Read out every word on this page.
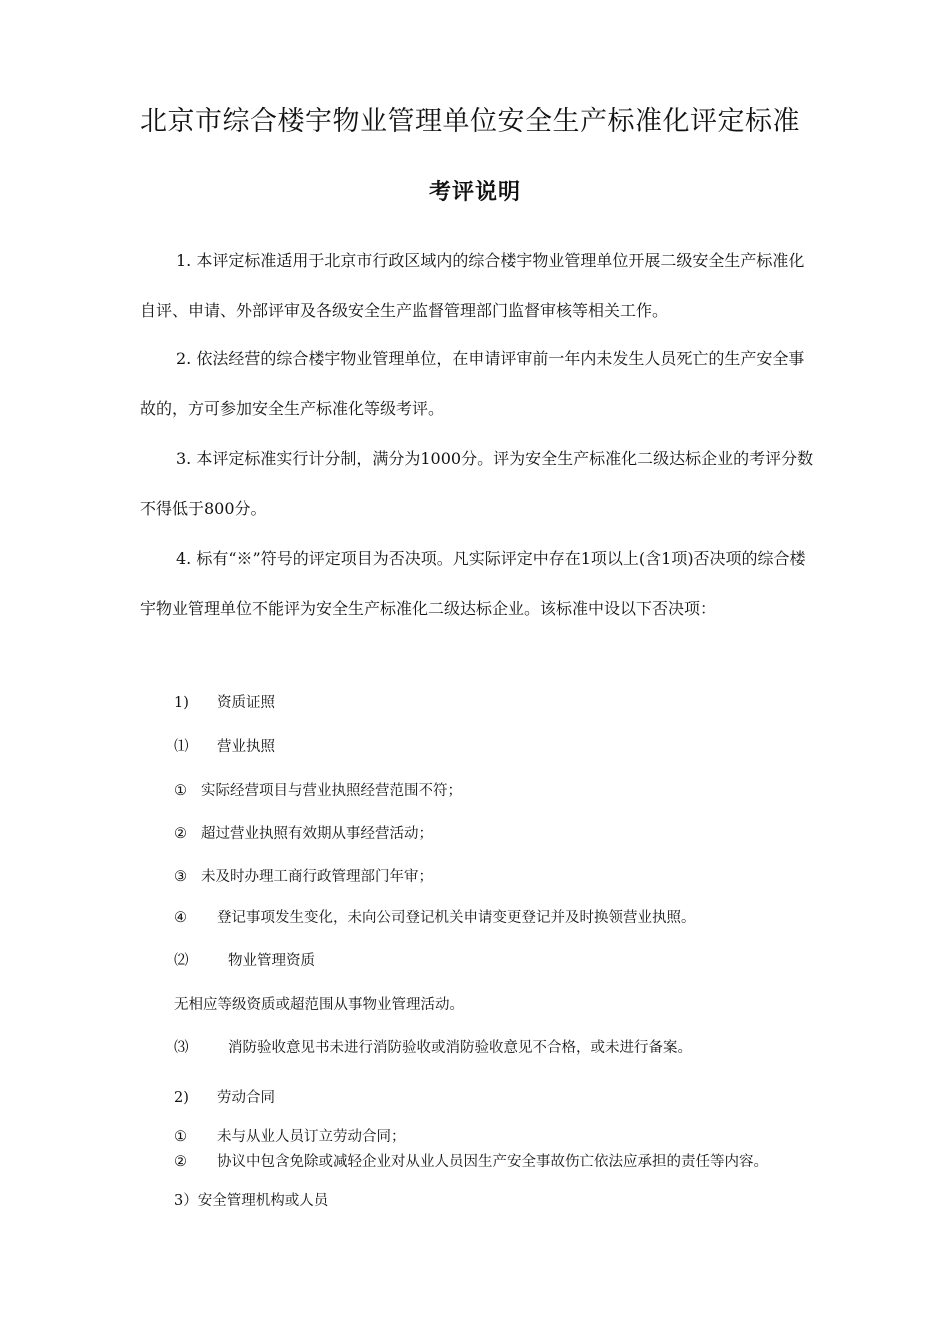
北京市综合楼宇物业管理单位安全生产标准化评定标准
考评说明

1. 本评定标准适用于北京市行政区域内的综合楼宇物业管理单位开展二级安全生产标准化自评、申请、外部评审及各级安全生产监督管理部门监督审核等相关工作。

2. 依法经营的综合楼宇物业管理单位，在申请评审前一年内未发生人员死亡的生产安全事故的，方可参加安全生产标准化等级考评。

3. 本评定标准实行计分制，满分为1000分。评为安全生产标准化二级达标企业的考评分数不得低于800分。

4. 标有“※”符号的评定项目为否决项。凡实际评定中存在1项以上(含1项)否决项的综合楼宇物业管理单位不能评为安全生产标准化二级达标企业。该标准中设以下否决项：

1) 资质证照
⑴ 营业执照
① 实际经营项目与营业执照经营范围不符；
② 超过营业执照有效期从事经营活动；
③ 未及时办理工商行政管理部门年审；
④ 登记事项发生变化，未向公司登记机关申请变更登记并及时换领营业执照。
⑵	物业管理资质
无相应等级资质或超范围从事物业管理活动。
⑶	消防验收意见书未进行消防验收或消防验收意见不合格，或未进行备案。
2) 劳动合同
① 未与从业人员订立劳动合同；
② 协议中包含免除或减轻企业对从业人员因生产安全事故伤亡依法应承担的责任等内容。
3）安全管理机构或人员
